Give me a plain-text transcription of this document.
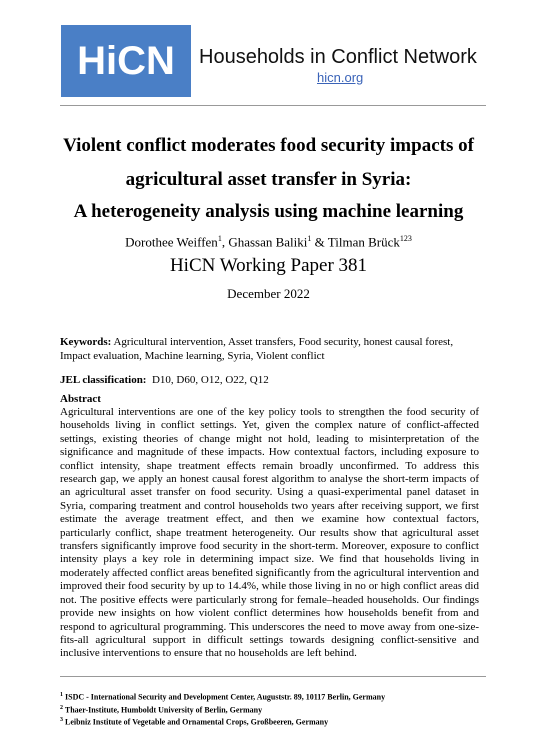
HiCN Households in Conflict Network
hicn.org
Violent conflict moderates food security impacts of
agricultural asset transfer in Syria:
A heterogeneity analysis using machine learning
Dorothee Weiffen$^1$, Ghassan Baliki$^1$ & Tilman Brück$^{123}$
HiCN Working Paper 381
December 2022
Keywords: Agricultural intervention, Asset transfers, Food security, honest causal forest, Impact evaluation, Machine learning, Syria, Violent conflict
JEL classification: D10, D60, O12, O22, Q12
Abstract
Agricultural interventions are one of the key policy tools to strengthen the food security of households living in conflict settings. Yet, given the complex nature of conflict-affected settings, existing theories of change might not hold, leading to misinterpretation of the significance and magnitude of these impacts. How contextual factors, including exposure to conflict intensity, shape treatment effects remain broadly unconfirmed. To address this research gap, we apply an honest causal forest algorithm to analyse the short-term impacts of an agricultural asset transfer on food security. Using a quasi-experimental panel dataset in Syria, comparing treatment and control households two years after receiving support, we first estimate the average treatment effect, and then we examine how contextual factors, particularly conflict, shape treatment heterogeneity. Our results show that agricultural asset transfers significantly improve food security in the short-term. Moreover, exposure to conflict intensity plays a key role in determining impact size. We find that households living in moderately affected conflict areas benefited significantly from the agricultural intervention and improved their food security by up to 14.4%, while those living in no or high conflict areas did not. The positive effects were particularly strong for female–headed households. Our findings provide new insights on how violent conflict determines how households benefit from and respond to agricultural programming. This underscores the need to move away from one-size-fits-all agricultural support in difficult settings towards designing conflict-sensitive and inclusive interventions to ensure that no households are left behind.
$^1$ ISDC - International Security and Development Center, Auguststr. 89, 10117 Berlin, Germany
$^2$ Thaer-Institute, Humboldt University of Berlin, Germany
$^3$ Leibniz Institute of Vegetable and Ornamental Crops, Großbeeren, Germany
